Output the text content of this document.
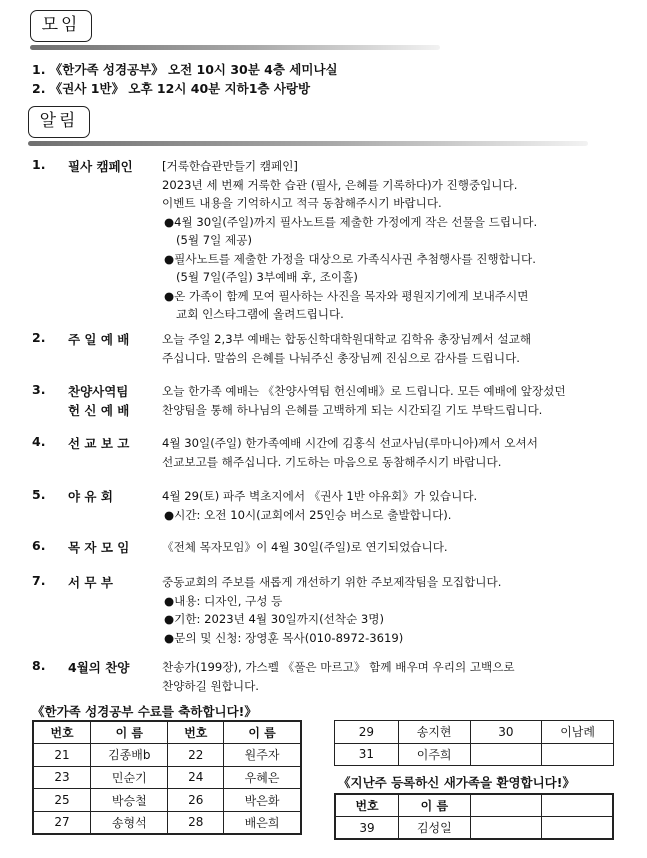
모임
1. 《한가족 성경공부》 오전 10시 30분 4층 세미나실
2. 《권사 1반》 오후 12시 40분 지하1층 사랑방
알림
1. 필사 캠페인	[거룩한습관만들기 캠페인]
2023년 세 번째 거룩한 습관 (필사, 은혜를 기록하다)가 진행중입니다.
이벤트 내용을 기억하시고 적극 동참해주시기 바랍니다.
●4월 30일(주일)까지 필사노트를 제출한 가정에게 작은 선물을 드립니다.
(5월 7일 제공)
●필사노트를 제출한 가정을 대상으로 가족식사권 추첨행사를 진행합니다.
(5월 7일(주일) 3부예배 후, 조이홀)
●온 가족이 함께 모여 필사하는 사진을 목자와 평원지기에게 보내주시면
교회 인스타그램에 올려드립니다.
2. 주 일 예 배	오늘 주일 2,3부 예배는 합동신학대학원대학교 김학유 총장님께서 설교해
주십니다. 말씀의 은혜를 나눠주신 총장님께 진심으로 감사를 드립니다.
3. 찬양사역팀
헌 신 예 배
오늘 한가족 예배는 《찬양사역팀 헌신예배》로 드립니다. 모든 예배에 앞장섰던
찬양팀을 통해 하나님의 은혜를 고백하게 되는 시간되길 기도 부탁드립니다.
4. 선 교 보 고	4월 30일(주일) 한가족예배 시간에 김홍식 선교사님(루마니아)께서 오셔서
선교보고를 해주십니다. 기도하는 마음으로 동참해주시기 바랍니다.
5. 야 유 회	4월 29(토) 파주 벽초지에서 《권사 1반 야유회》가 있습니다.
●시간: 오전 10시(교회에서 25인승 버스로 출발합니다).
6. 목 자 모 임	《전체 목자모임》이 4월 30일(주일)로 연기되었습니다.
7. 서 무 부	중동교회의 주보를 새롭게 개선하기 위한 주보제작팀을 모집합니다.
●내용: 디자인, 구성 등
●기한: 2023년 4월 30일까지(선착순 3명)
●문의 및 신청: 장영훈 목사(010-8972-3619)
8. 4월의 찬양	찬송가(199장), 가스펠 《풀은 마르고》 함께 배우며 우리의 고백으로
찬양하길 원합니다.
《한가족 성경공부 수료를 축하합니다!》
번호	이 름	번호	이 름
21	김종배b	22	원주자
23	민순기	24	우혜은
25	박승철	26	박은화
27	송형석	28	배은희
29	송지현	30	이남례
31	이주희		
《지난주 등록하신 새가족을 환영합니다!》
번호	이 름		
39	김성일		
